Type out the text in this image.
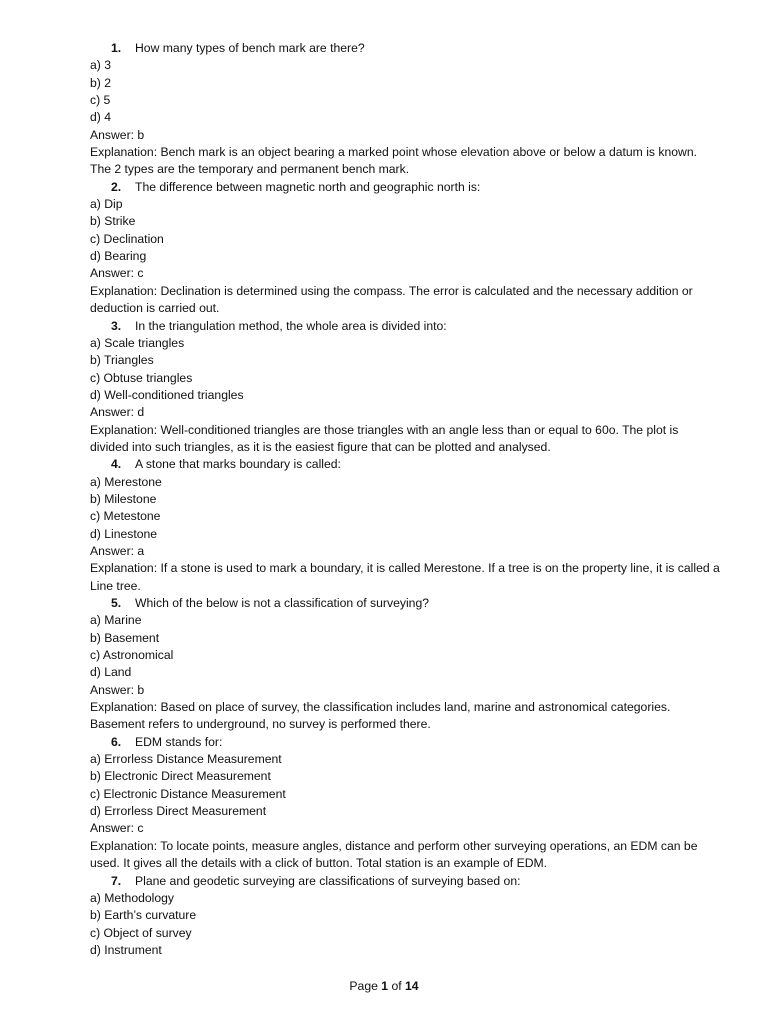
1. How many types of bench mark are there?
a) 3
b) 2
c) 5
d) 4
Answer: b
Explanation: Bench mark is an object bearing a marked point whose elevation above or below a datum is known. The 2 types are the temporary and permanent bench mark.
2. The difference between magnetic north and geographic north is:
a) Dip
b) Strike
c) Declination
d) Bearing
Answer: c
Explanation: Declination is determined using the compass. The error is calculated and the necessary addition or deduction is carried out.
3. In the triangulation method, the whole area is divided into:
a) Scale triangles
b) Triangles
c) Obtuse triangles
d) Well-conditioned triangles
Answer: d
Explanation: Well-conditioned triangles are those triangles with an angle less than or equal to 60o. The plot is divided into such triangles, as it is the easiest figure that can be plotted and analysed.
4. A stone that marks boundary is called:
a) Merestone
b) Milestone
c) Metestone
d) Linestone
Answer: a
Explanation: If a stone is used to mark a boundary, it is called Merestone. If a tree is on the property line, it is called a Line tree.
5. Which of the below is not a classification of surveying?
a) Marine
b) Basement
c) Astronomical
d) Land
Answer: b
Explanation: Based on place of survey, the classification includes land, marine and astronomical categories. Basement refers to underground, no survey is performed there.
6. EDM stands for:
a) Errorless Distance Measurement
b) Electronic Direct Measurement
c) Electronic Distance Measurement
d) Errorless Direct Measurement
Answer: c
Explanation: To locate points, measure angles, distance and perform other surveying operations, an EDM can be used. It gives all the details with a click of button. Total station is an example of EDM.
7. Plane and geodetic surveying are classifications of surveying based on:
a) Methodology
b) Earth’s curvature
c) Object of survey
d) Instrument
Page 1 of 14
